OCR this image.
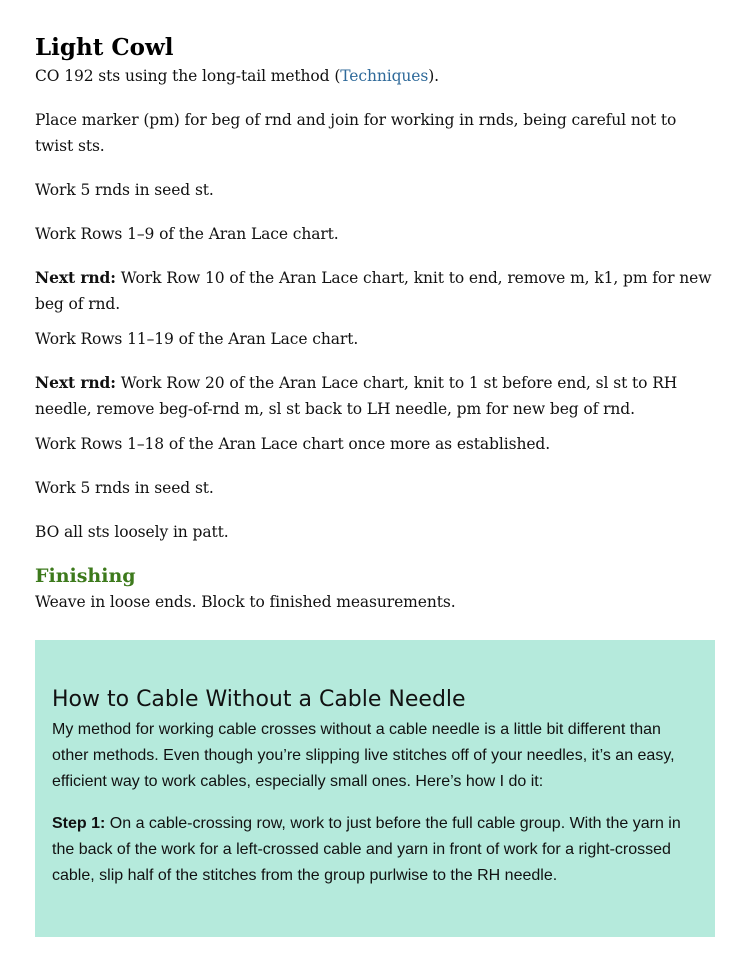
Light Cowl

CO 192 sts using the long-tail method (Techniques).

Place marker (pm) for beg of rnd and join for working in rnds, being careful not to twist sts.

Work 5 rnds in seed st.

Work Rows 1–9 of the Aran Lace chart.

Next rnd: Work Row 10 of the Aran Lace chart, knit to end, remove m, k1, pm for new beg of rnd.

Work Rows 11–19 of the Aran Lace chart.

Next rnd: Work Row 20 of the Aran Lace chart, knit to 1 st before end, sl st to RH needle, remove beg-of-rnd m, sl st back to LH needle, pm for new beg of rnd.

Work Rows 1–18 of the Aran Lace chart once more as established.

Work 5 rnds in seed st.

BO all sts loosely in patt.

Finishing

Weave in loose ends. Block to finished measurements.

How to Cable Without a Cable Needle

My method for working cable crosses without a cable needle is a little bit different than other methods. Even though you’re slipping live stitches off of your needles, it’s an easy, efficient way to work cables, especially small ones. Here’s how I do it:

Step 1: On a cable-crossing row, work to just before the full cable group. With the yarn in the back of the work for a left-crossed cable and yarn in front of work for a right-crossed cable, slip half of the stitches from the group purlwise to the RH needle.
